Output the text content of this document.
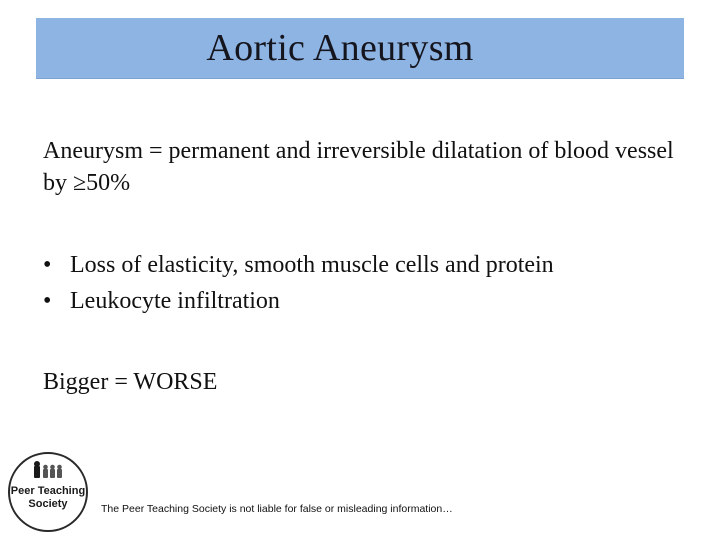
Aortic Aneurysm
Aneurysm = permanent and irreversible dilatation of blood vessel by ≥50%
• Loss of elasticity, smooth muscle cells and protein
• Leukocyte infiltration
Bigger = WORSE
Peer Teaching
Society	The Peer Teaching Society is not liable for false or misleading information…
